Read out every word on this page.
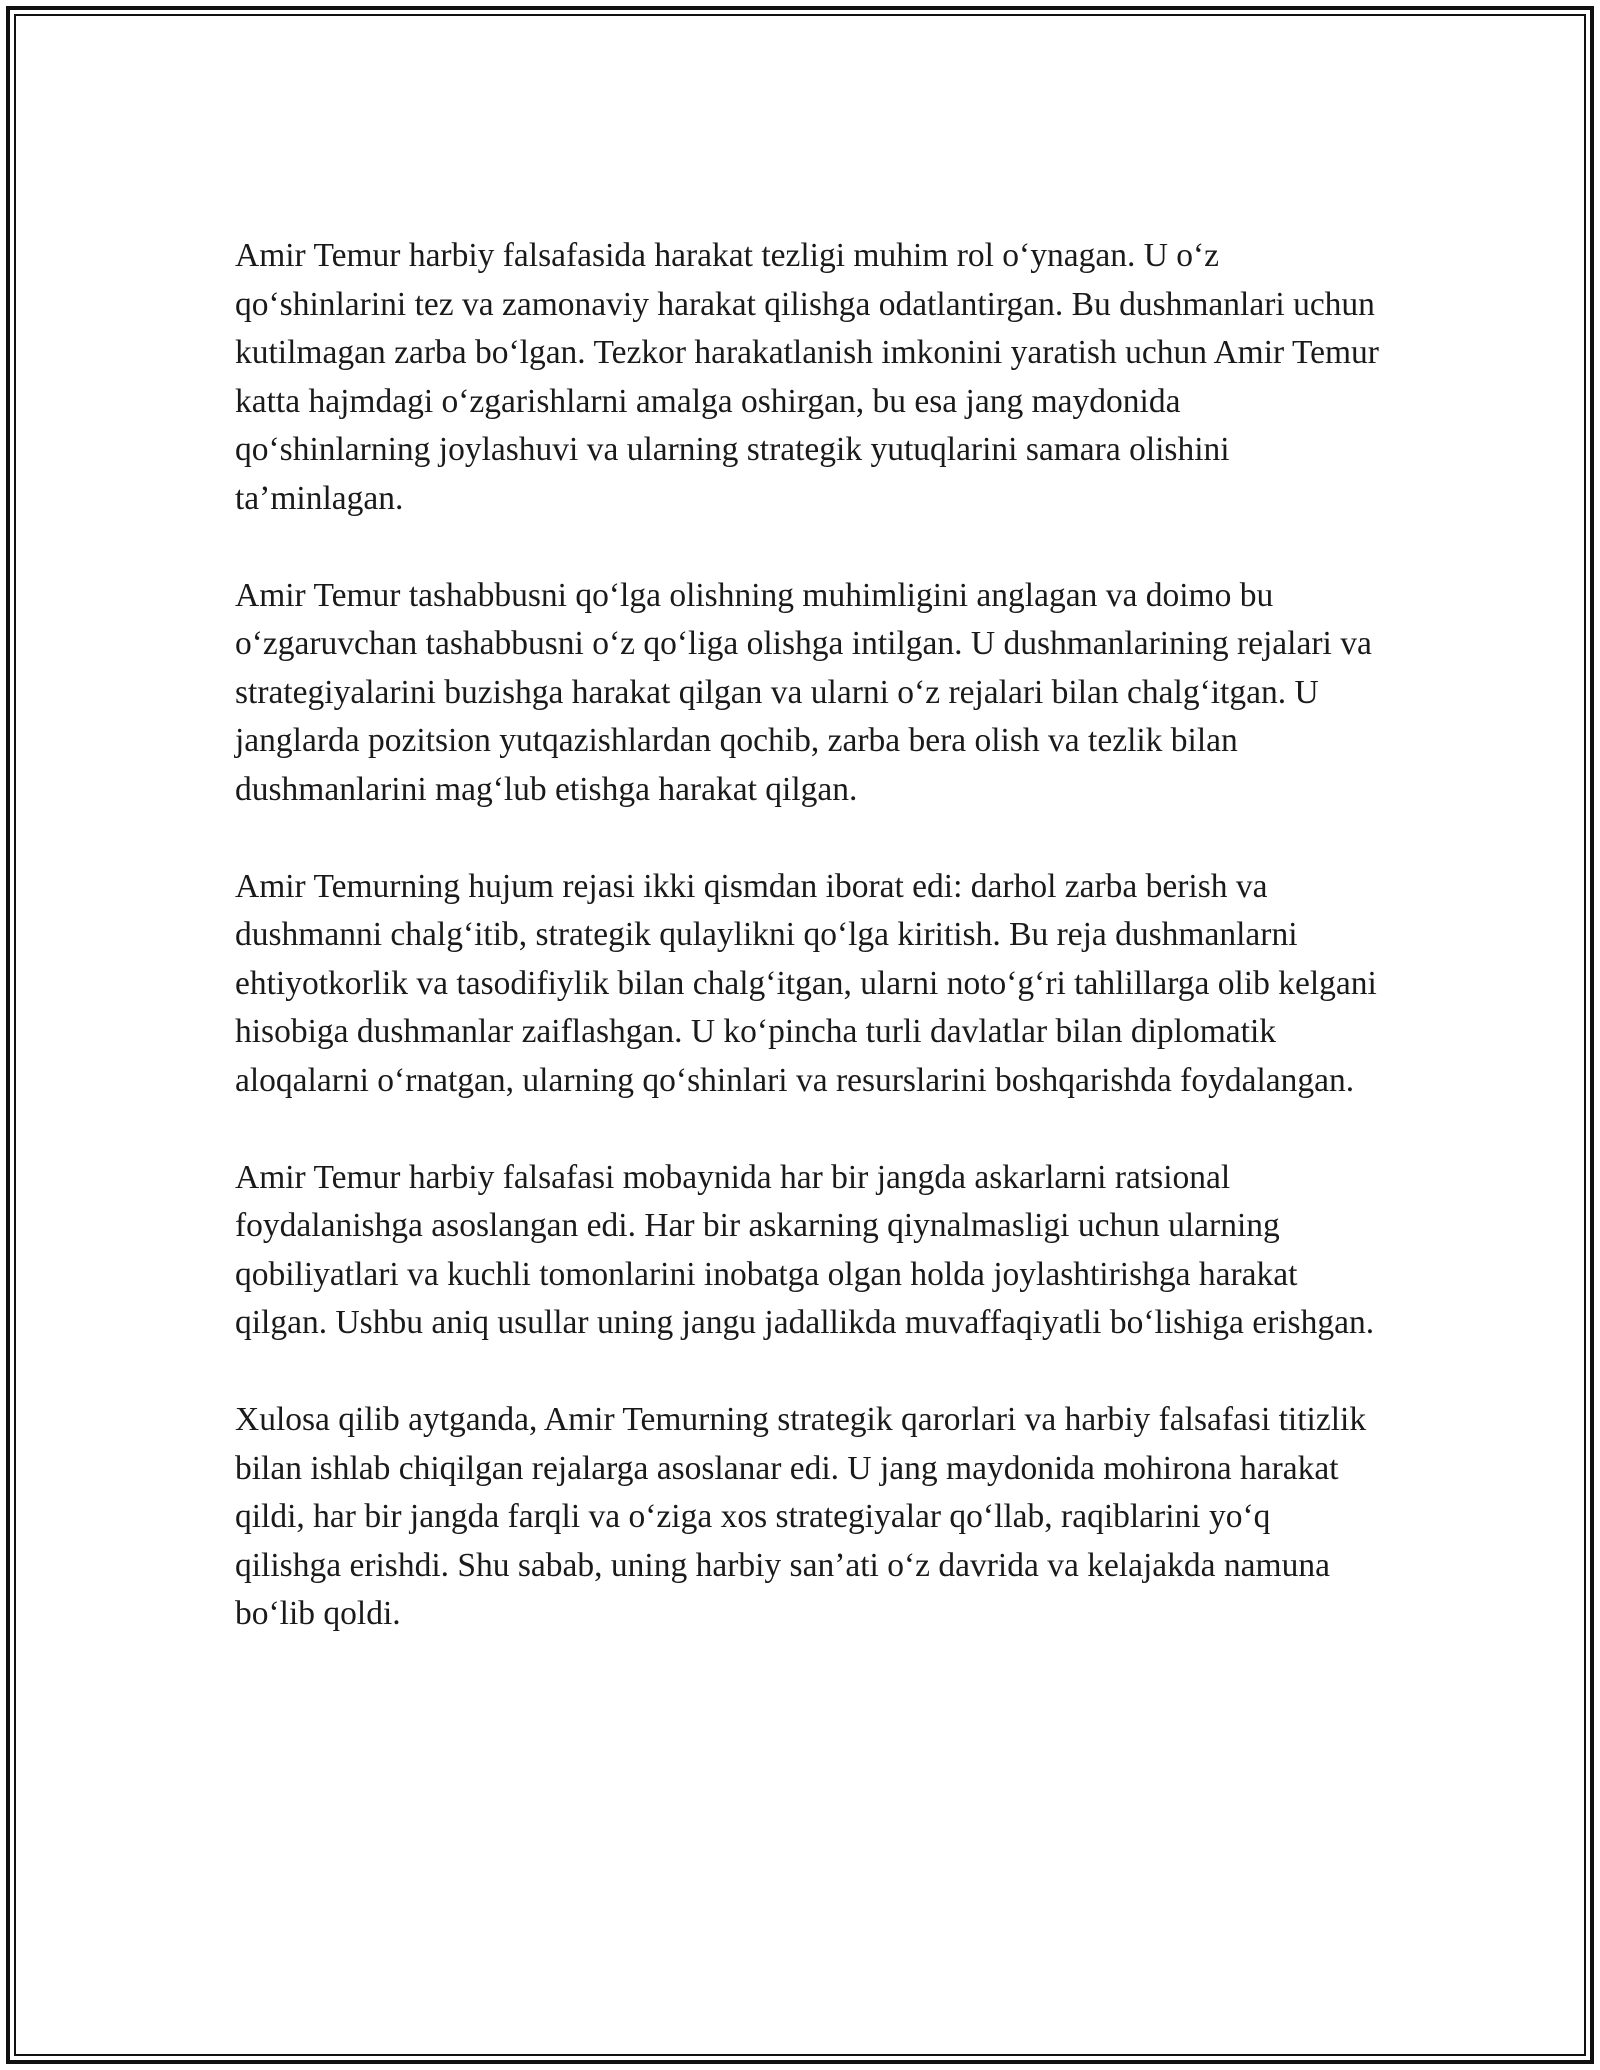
Amir Temur harbiy falsafasida harakat tezligi muhim rol oʻynagan. U oʻz qoʻshinlarini tez va zamonaviy harakat qilishga odatlantirgan. Bu dushmanlari uchun kutilmagan zarba boʻlgan. Tezkor harakatlanish imkonini yaratish uchun Amir Temur katta hajmdagi oʻzgarishlarni amalga oshirgan, bu esa jang maydonida qoʻshinlarning joylashuvi va ularning strategik yutuqlarini samara olishini taʼminlagan.

Amir Temur tashabbusni qoʻlga olishning muhimligini anglagan va doimo bu oʻzgaruvchan tashabbusni oʻz qoʻliga olishga intilgan. U dushmanlarining rejalari va strategiyalarini buzishga harakat qilgan va ularni oʻz rejalari bilan chalgʻitgan. U janglarda pozitsion yutqazishlardan qochib, zarba bera olish va tezlik bilan dushmanlarini magʻlub etishga harakat qilgan.

Amir Temurning hujum rejasi ikki qismdan iborat edi: darhol zarba berish va dushmanni chalgʻitib, strategik qulaylikni qoʻlga kiritish. Bu reja dushmanlarni ehtiyotkorlik va tasodifiylik bilan chalgʻitgan, ularni notoʻgʻri tahlillarga olib kelgani hisobiga dushmanlar zaiflashgan. U koʻpincha turli davlatlar bilan diplomatik aloqalarni oʻrnatgan, ularning qoʻshinlari va resurslarini boshqarishda foydalangan.

Amir Temur harbiy falsafasi mobaynida har bir jangda askarlarni ratsional foydalanishga asoslangan edi. Har bir askarning qiynalmasligi uchun ularning qobiliyatlari va kuchli tomonlarini inobatga olgan holda joylashtirishga harakat qilgan. Ushbu aniq usullar uning jangu jadallikda muvaffaqiyatli boʻlishiga erishgan.

Xulosa qilib aytganda, Amir Temurning strategik qarorlari va harbiy falsafasi titizlik bilan ishlab chiqilgan rejalarga asoslanar edi. U jang maydonida mohirona harakat qildi, har bir jangda farqli va oʻziga xos strategiyalar qoʻllab, raqiblarini yoʻq qilishga erishdi. Shu sabab, uning harbiy sanʼati oʻz davrida va kelajakda namuna boʻlib qoldi.
